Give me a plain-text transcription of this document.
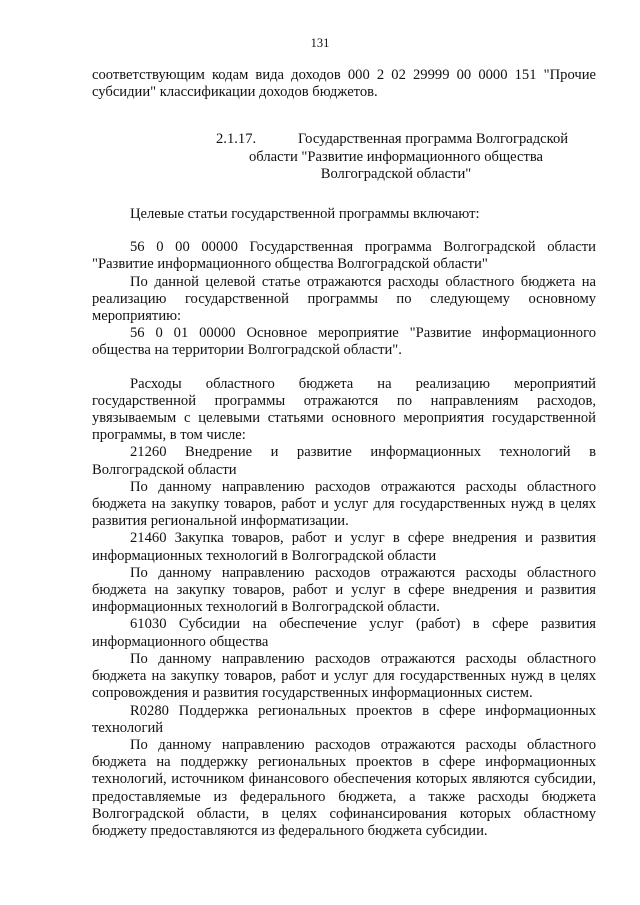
131

соответствующим кодам вида доходов 000 2 02 29999 00 0000 151 "Прочие субсидии" классификации доходов бюджетов.

2.1.17.	Государственная программа Волгоградской
области "Развитие информационного общества
Волгоградской области"

Целевые статьи государственной программы включают:

56 0 00 00000 Государственная программа Волгоградской области "Развитие информационного общества Волгоградской области"

По данной целевой статье отражаются расходы областного бюджета на реализацию государственной программы по следующему основному мероприятию:

56 0 01 00000 Основное мероприятие "Развитие информационного общества на территории Волгоградской области".

Расходы областного бюджета на реализацию мероприятий государственной программы отражаются по направлениям расходов, увязываемым с целевыми статьями основного мероприятия государственной программы, в том числе:

21260 Внедрение и развитие информационных технологий в Волгоградской области

По данному направлению расходов отражаются расходы областного бюджета на закупку товаров, работ и услуг для государственных нужд в целях развития региональной информатизации.

21460 Закупка товаров, работ и услуг в сфере внедрения и развития информационных технологий в Волгоградской области

По данному направлению расходов отражаются расходы областного бюджета на закупку товаров, работ и услуг в сфере внедрения и развития информационных технологий в Волгоградской области.

61030 Субсидии на обеспечение услуг (работ) в сфере развития информационного общества

По данному направлению расходов отражаются расходы областного бюджета на закупку товаров, работ и услуг для государственных нужд в целях сопровождения и развития государственных информационных систем.

R0280 Поддержка региональных проектов в сфере информационных технологий

По данному направлению расходов отражаются расходы областного бюджета на поддержку региональных проектов в сфере информационных технологий, источником финансового обеспечения которых являются субсидии, предоставляемые из федерального бюджета, а также расходы бюджета Волгоградской области, в целях софинансирования которых областному бюджету предоставляются из федерального бюджета субсидии.
